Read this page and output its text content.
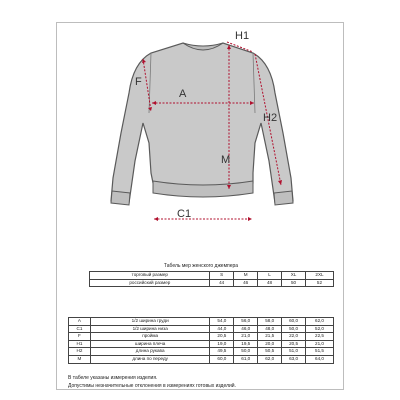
A
C1
F
H1
H2
M
Табель мер женского джемпера
	торговый размер	S	M	L	XL	2XL
	российский размер	44	46	48	50	52
A	1/2 ширина груди	54,0	56,0	58,0	60,0	62,0
C1	1/2 ширина низа	44,0	46,0	48,0	50,0	52,0
F	пройма	20,5	21,0	21,5	22,0	22,5
H1	ширина плеча	19,0	19,5	20,0	20,5	21,0
H2	длина рукава	49,5	50,0	50,5	51,0	51,5
M	длина по переду	60,0	61,0	62,0	63,0	64,0
В табеле указаны измерения изделия.
Допустимы незначительные отклонения в измерениях готовых изделий.
